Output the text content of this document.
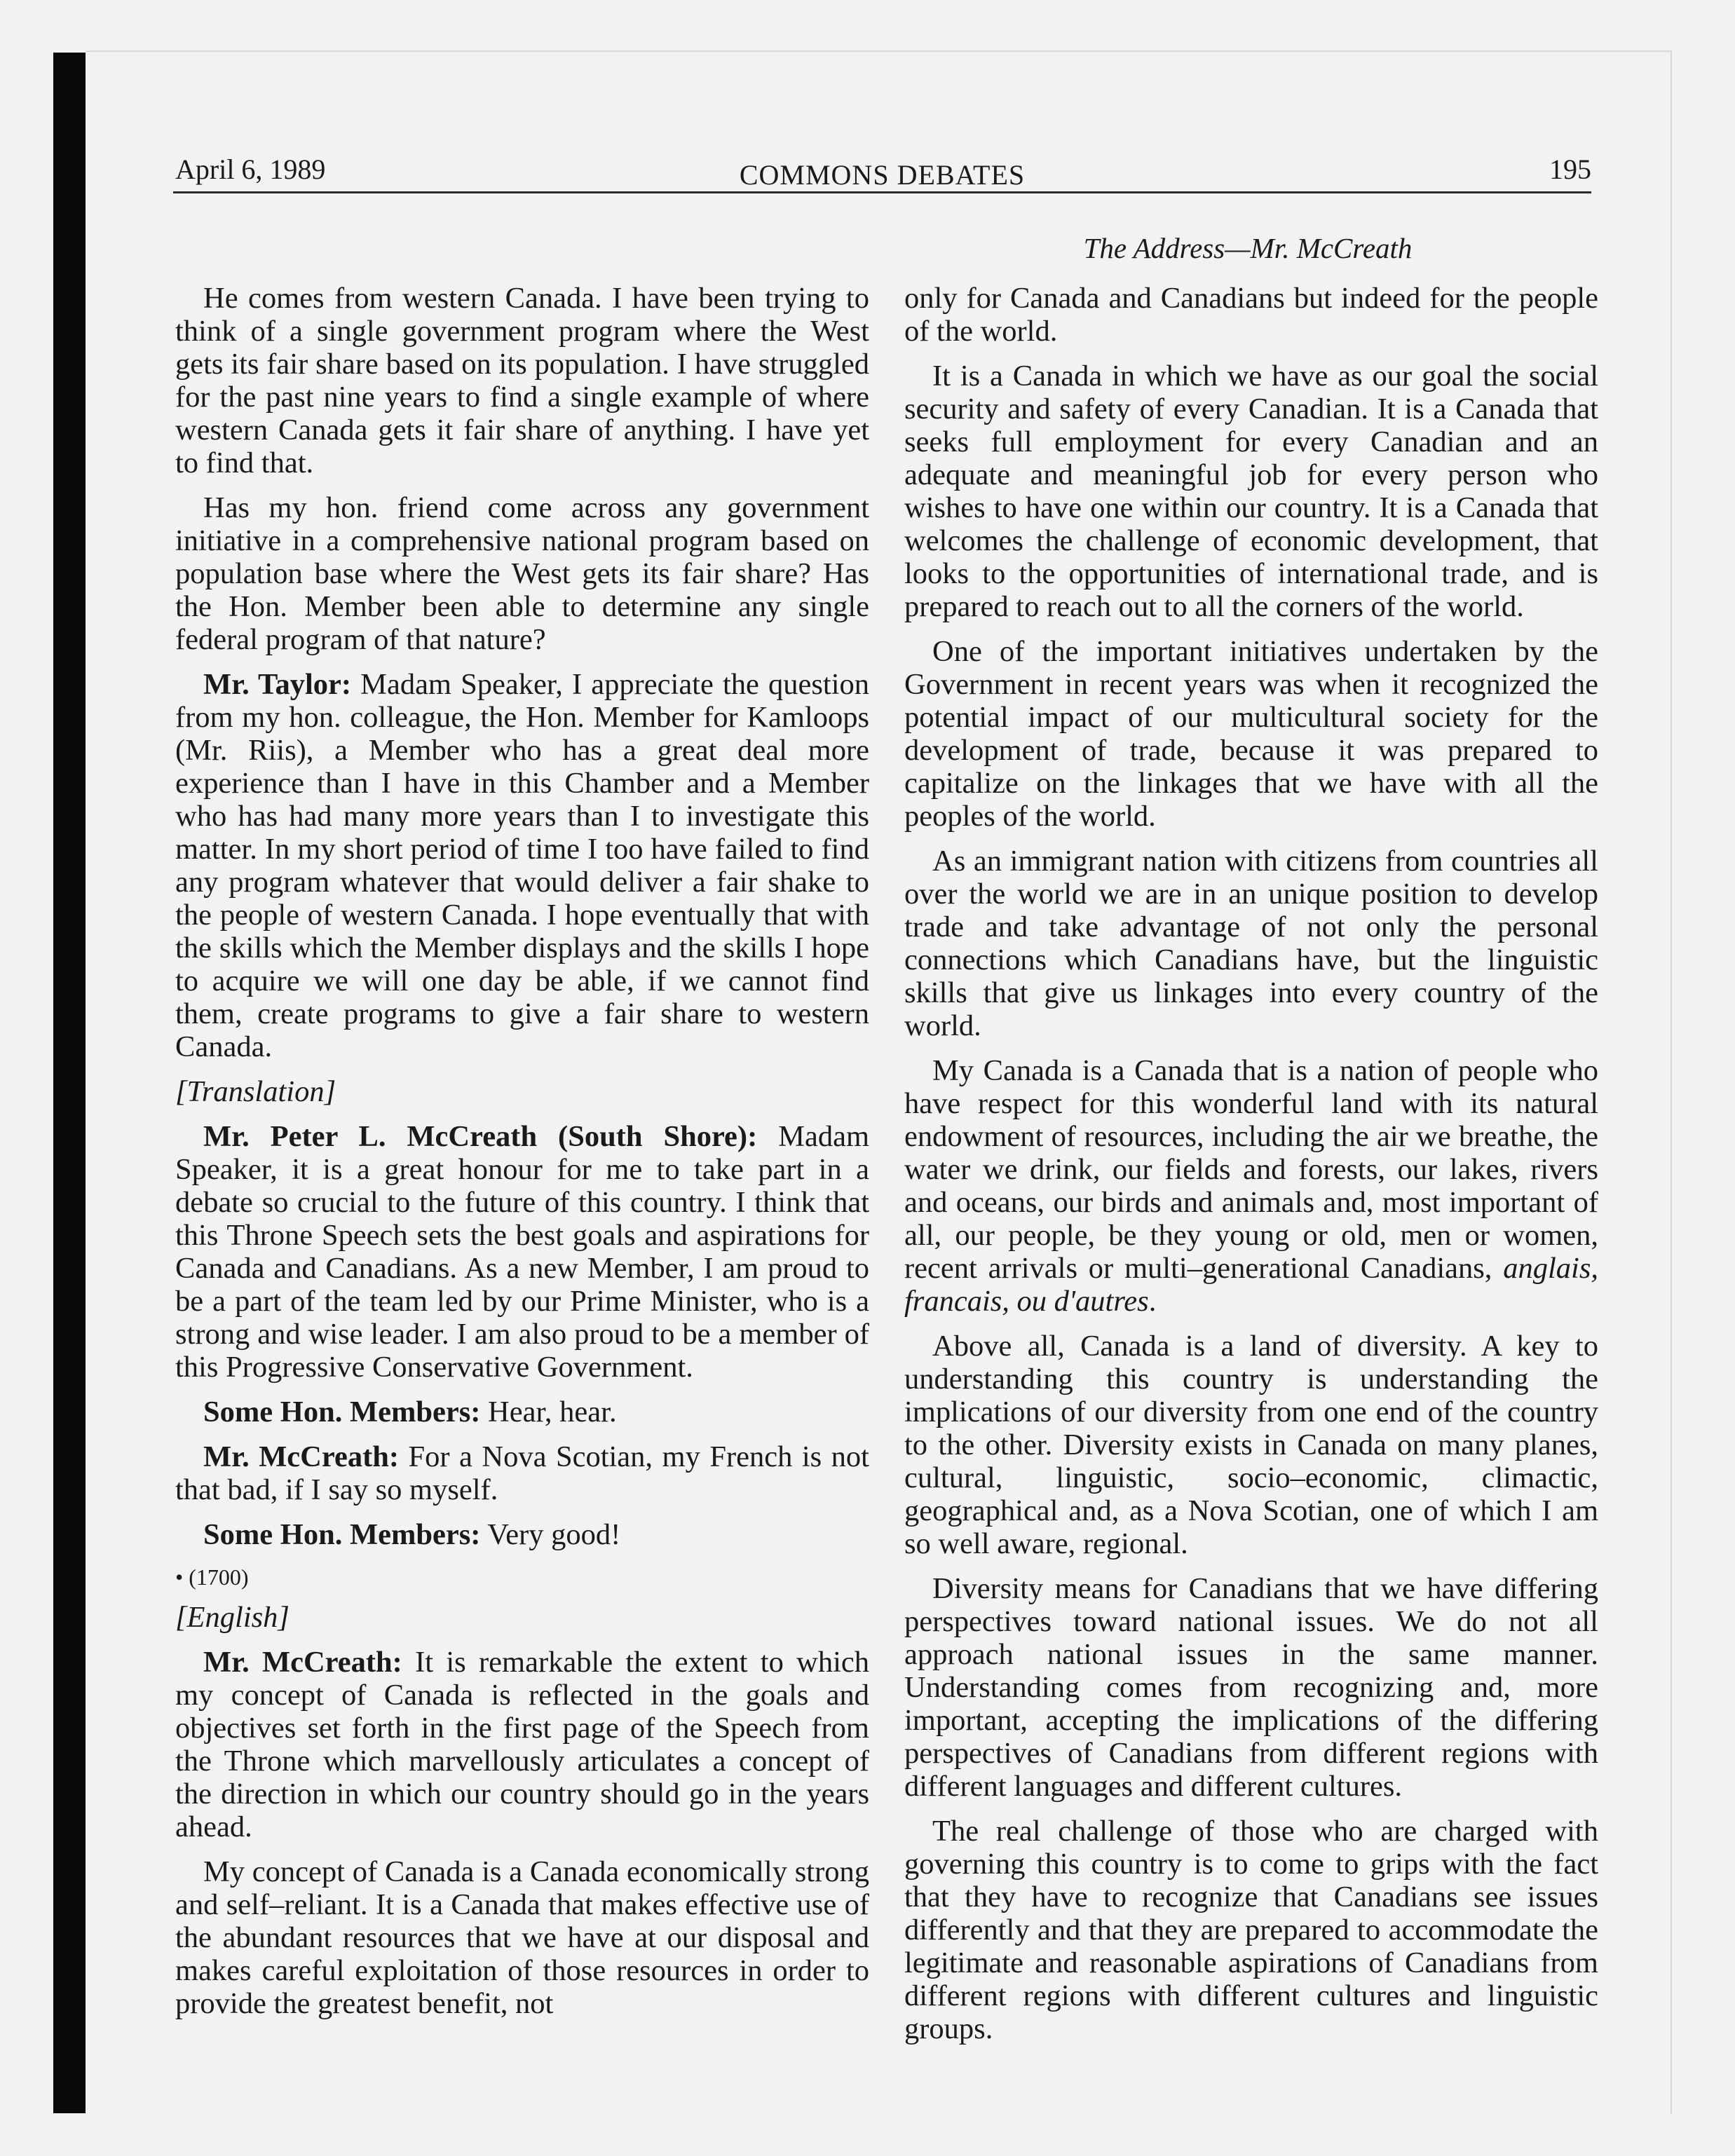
April 6, 1989	COMMONS DEBATES	195
The Address—Mr. McCreath

He comes from western Canada. I have been trying to think of a single government program where the West gets its fair share based on its population. I have struggled for the past nine years to find a single example of where western Canada gets it fair share of anything. I have yet to find that.

Has my hon. friend come across any government initiative in a comprehensive national program based on population base where the West gets its fair share? Has the Hon. Member been able to determine any single federal program of that nature?

Mr. Taylor: Madam Speaker, I appreciate the question from my hon. colleague, the Hon. Member for Kamloops (Mr. Riis), a Member who has a great deal more experience than I have in this Chamber and a Member who has had many more years than I to investigate this matter. In my short period of time I too have failed to find any program whatever that would deliver a fair shake to the people of western Canada. I hope eventually that with the skills which the Member displays and the skills I hope to acquire we will one day be able, if we cannot find them, create programs to give a fair share to western Canada.

[Translation]

Mr. Peter L. McCreath (South Shore): Madam Speaker, it is a great honour for me to take part in a debate so crucial to the future of this country. I think that this Throne Speech sets the best goals and aspirations for Canada and Canadians. As a new Member, I am proud to be a part of the team led by our Prime Minister, who is a strong and wise leader. I am also proud to be a member of this Progressive Conservative Government.

Some Hon. Members: Hear, hear.

Mr. McCreath: For a Nova Scotian, my French is not that bad, if I say so myself.

Some Hon. Members: Very good!

• (1700)

[English]

Mr. McCreath: It is remarkable the extent to which my concept of Canada is reflected in the goals and objectives set forth in the first page of the Speech from the Throne which marvellously articulates a concept of the direction in which our country should go in the years ahead.

My concept of Canada is a Canada economically strong and self–reliant. It is a Canada that makes effective use of the abundant resources that we have at our disposal and makes careful exploitation of those resources in order to provide the greatest benefit, not

only for Canada and Canadians but indeed for the people of the world.

It is a Canada in which we have as our goal the social security and safety of every Canadian. It is a Canada that seeks full employment for every Canadian and an adequate and meaningful job for every person who wishes to have one within our country. It is a Canada that welcomes the challenge of economic development, that looks to the opportunities of international trade, and is prepared to reach out to all the corners of the world.

One of the important initiatives undertaken by the Government in recent years was when it recognized the potential impact of our multicultural society for the development of trade, because it was prepared to capitalize on the linkages that we have with all the peoples of the world.

As an immigrant nation with citizens from countries all over the world we are in an unique position to develop trade and take advantage of not only the personal connections which Canadians have, but the linguistic skills that give us linkages into every country of the world.

My Canada is a Canada that is a nation of people who have respect for this wonderful land with its natural endowment of resources, including the air we breathe, the water we drink, our fields and forests, our lakes, rivers and oceans, our birds and animals and, most important of all, our people, be they young or old, men or women, recent arrivals or multi–generational Canadians, anglais, francais, ou d'autres.

Above all, Canada is a land of diversity. A key to understanding this country is understanding the implications of our diversity from one end of the country to the other. Diversity exists in Canada on many planes, cultural, linguistic, socio–economic, climactic, geographical and, as a Nova Scotian, one of which I am so well aware, regional.

Diversity means for Canadians that we have differing perspectives toward national issues. We do not all approach national issues in the same manner. Understanding comes from recognizing and, more important, accepting the implications of the differing perspectives of Canadians from different regions with different languages and different cultures.

The real challenge of those who are charged with governing this country is to come to grips with the fact that they have to recognize that Canadians see issues differently and that they are prepared to accommodate the legitimate and reasonable aspirations of Canadians from different regions with different cultures and linguistic groups.
